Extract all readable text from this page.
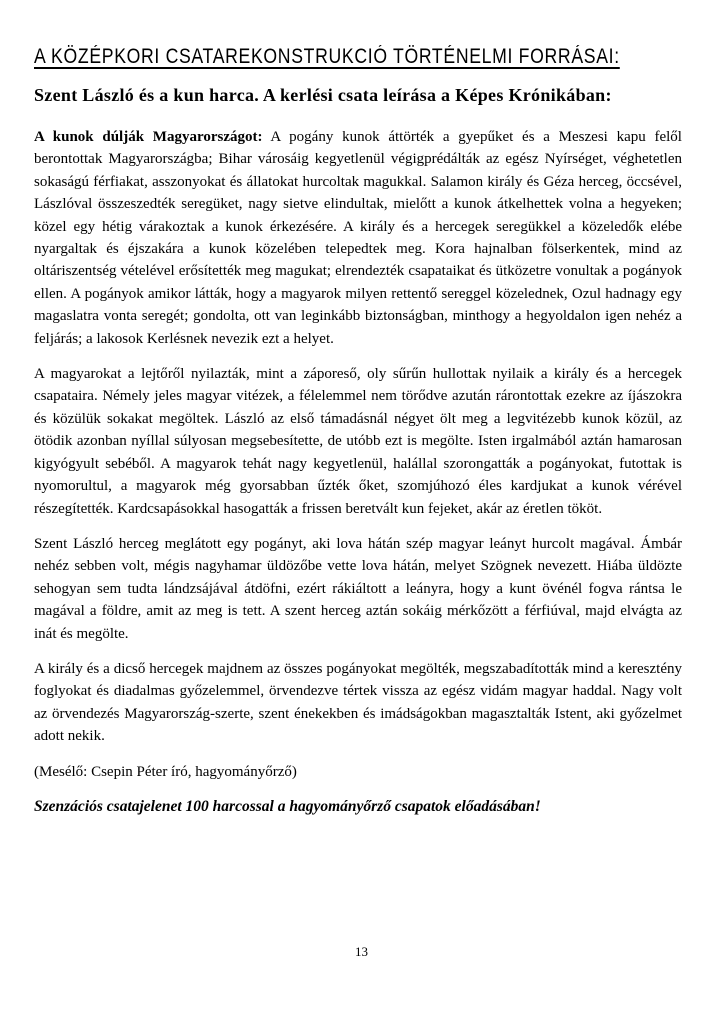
A KÖZÉPKORI CSATAREKONSTRUKCIÓ TÖRTÉNELMI FORRÁSAI:
Szent László és a kun harca. A kerlési csata leírása a Képes Krónikában:

A kunok dúlják Magyarországot: A pogány kunok áttörték a gyepűket és a Meszesi kapu felől berontottak Magyarországba; Bihar városáig kegyetlenül végigprédálták az egész Nyírséget, véghetetlen sokaságú férfiakat, asszonyokat és állatokat hurcoltak magukkal. Salamon király és Géza herceg, öccsével, Lászlóval összeszedték seregüket, nagy sietve elindultak, mielőtt a kunok átkelhettek volna a hegyeken; közel egy hétig várakoztak a kunok érkezésére. A király és a hercegek seregükkel a közeledők elébe nyargaltak és éjszakára a kunok közelében telepedtek meg. Kora hajnalban fölserkentek, mind az oltáriszentség vételével erősítették meg magukat; elrendezték csapataikat és ütközetre vonultak a pogányok ellen. A pogányok amikor látták, hogy a magyarok milyen rettentő sereggel közelednek, Ozul hadnagy egy magaslatra vonta seregét; gondolta, ott van leginkább biztonságban, minthogy a hegyoldalon igen nehéz a feljárás; a lakosok Kerlésnek nevezik ezt a helyet.

A magyarokat a lejtőről nyilazták, mint a záporeső, oly sűrűn hullottak nyilaik a király és a hercegek csapataira. Némely jeles magyar vitézek, a félelemmel nem törődve azután rárontottak ezekre az íjászokra és közülük sokakat megöltek. László az első támadásnál négyet ölt meg a legvitézebb kunok közül, az ötödik azonban nyíllal súlyosan megsebesítette, de utóbb ezt is megölte. Isten irgalmából aztán hamarosan kigyógyult sebéből. A magyarok tehát nagy kegyetlenül, halállal szorongatták a pogányokat, futottak is nyomorultul, a magyarok még gyorsabban űzték őket, szomjúhozó éles kardjukat a kunok vérével részegítették. Kardcsapásokkal hasogatták a frissen beretvált kun fejeket, akár az éretlen tököt.

Szent László herceg meglátott egy pogányt, aki lova hátán szép magyar leányt hurcolt magával. Ámbár nehéz sebben volt, mégis nagyhamar üldözőbe vette lova hátán, melyet Szögnek nevezett. Hiába üldözte sehogyan sem tudta lándzsájával átdöfni, ezért rákiáltott a leányra, hogy a kunt övénél fogva rántsa le magával a földre, amit az meg is tett. A szent herceg aztán sokáig mérkőzött a férfiúval, majd elvágta az inát és megölte.

A király és a dicső hercegek majdnem az összes pogányokat megölték, megszabadították mind a keresztény foglyokat és diadalmas győzelemmel, örvendezve tértek vissza az egész vidám magyar haddal. Nagy volt az örvendezés Magyarország-szerte, szent énekekben és imádságokban magasztalták Istent, aki győzelmet adott nekik.

(Mesélő: Csepin Péter író, hagyományőrző)

Szenzációs csatajelenet 100 harcossal a hagyományőrző csapatok előadásában!

13
